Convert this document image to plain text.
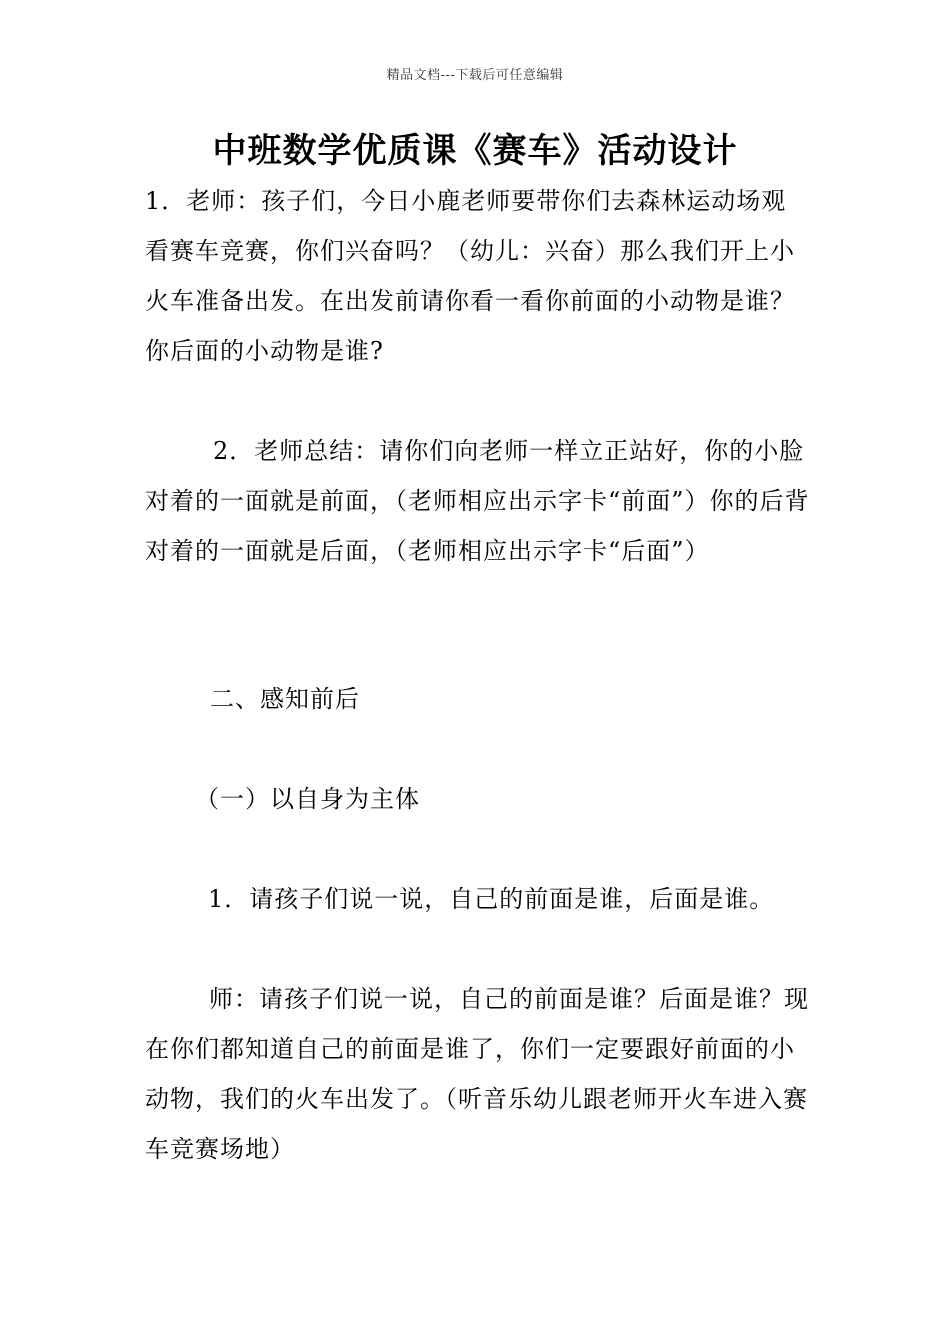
精品文档---下载后可任意编辑
中班数学优质课《赛车》活动设计

1．老师：孩子们，今日小鹿老师要带你们去森林运动场观看赛车竞赛，你们兴奋吗？（幼儿：兴奋）那么我们开上小火车准备出发。在出发前请你看一看你前面的小动物是谁？你后面的小动物是谁?

2．老师总结：请你们向老师一样立正站好，你的小脸对着的一面就是前面，（老师相应出示字卡“前面”）你的后背对着的一面就是后面，（老师相应出示字卡“后面”）

二、感知前后

（一）以自身为主体

1．请孩子们说一说，自己的前面是谁，后面是谁。

师：请孩子们说一说，自己的前面是谁？后面是谁？现在你们都知道自己的前面是谁了，你们一定要跟好前面的小动物，我们的火车出发了。（听音乐幼儿跟老师开火车进入赛车竞赛场地）
